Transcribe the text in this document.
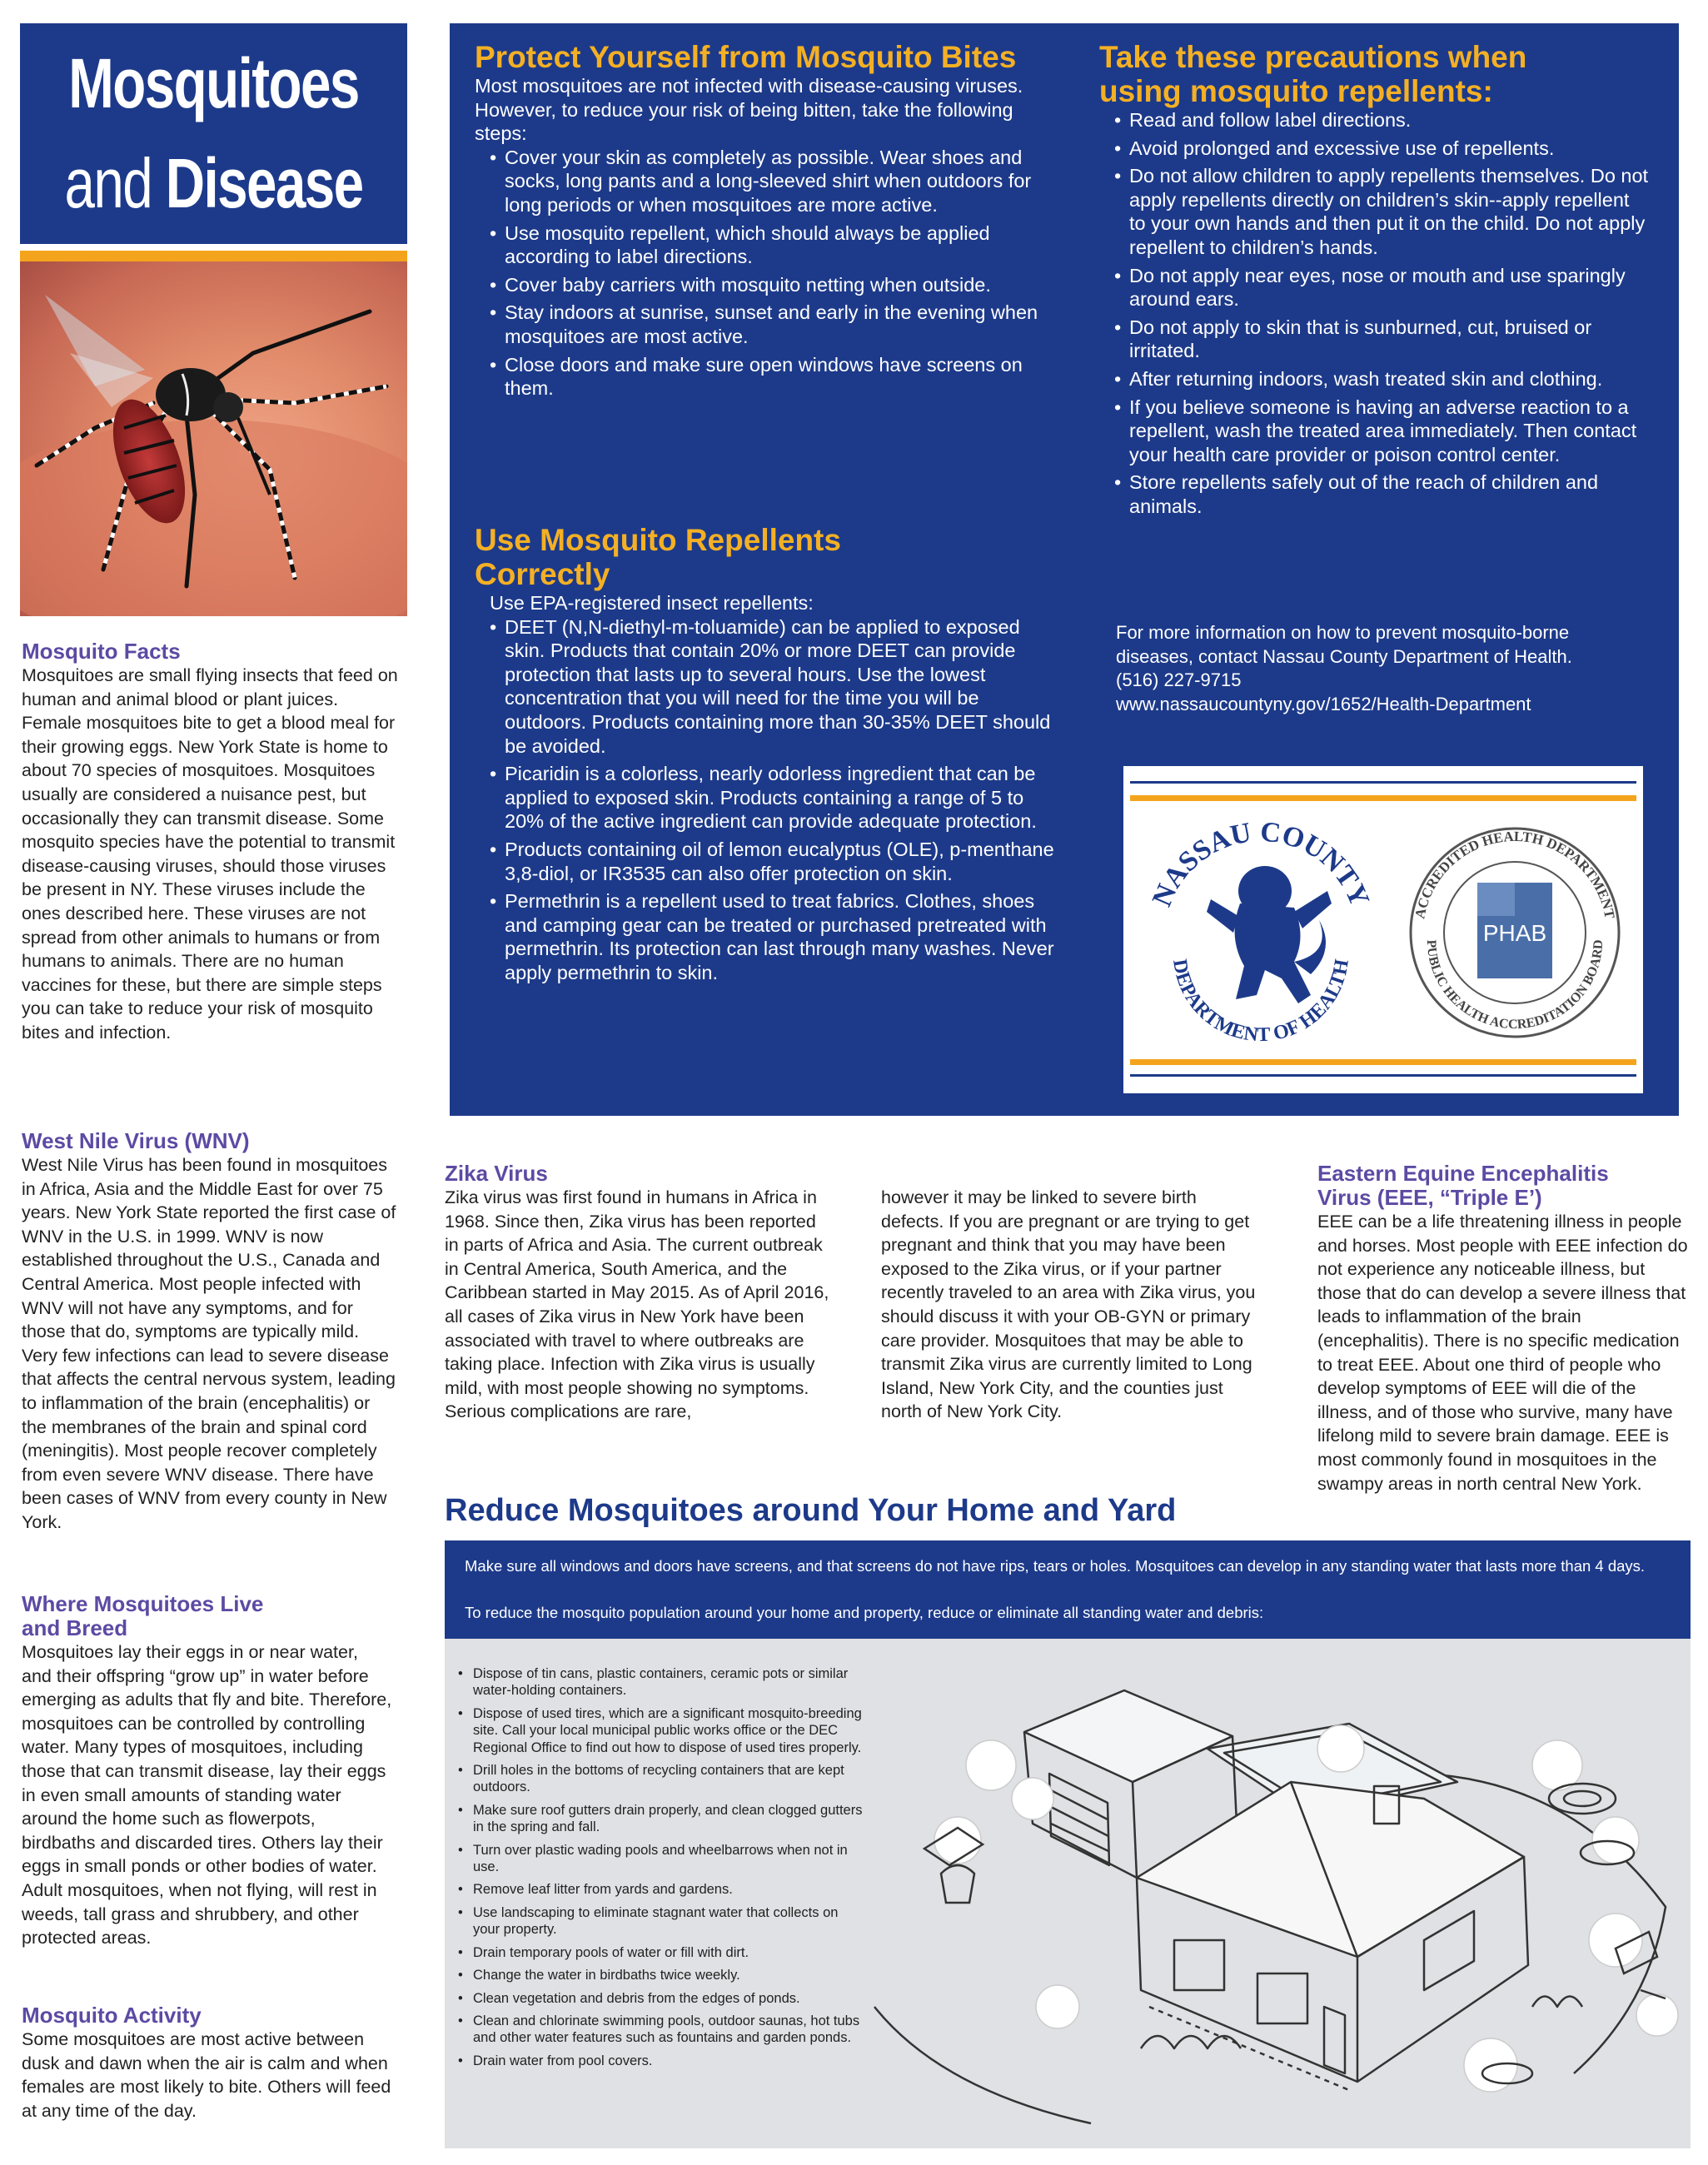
Mosquitoes
and Disease
Mosquito Facts

Mosquitoes are small flying insects that feed on human and animal blood or plant juices. Female mosquitoes bite to get a blood meal for their growing eggs. New York State is home to about 70 species of mosquitoes. Mosquitoes usually are considered a nuisance pest, but occasionally they can transmit disease. Some mosquito species have the potential to transmit disease-causing viruses, should those viruses be present in NY. These viruses include the ones described here. These viruses are not spread from other animals to humans or from humans to animals. There are no human vaccines for these, but there are simple steps you can take to reduce your risk of mosquito bites and infection.

West Nile Virus (WNV)

West Nile Virus has been found in mosquitoes in Africa, Asia and the Middle East for over 75 years. New York State reported the first case of WNV in the U.S. in 1999. WNV is now established throughout the U.S., Canada and Central America. Most people infected with WNV will not have any symptoms, and for those that do, symptoms are typically mild. Very few infections can lead to severe disease that affects the central nervous system, leading to inflammation of the brain (encephalitis) or the membranes of the brain and spinal cord (meningitis). Most people recover completely from even severe WNV disease. There have been cases of WNV from every county in New York.

Where Mosquitoes Live and Breed

Mosquitoes lay their eggs in or near water, and their offspring “grow up” in water before emerging as adults that fly and bite. Therefore, mosquitoes can be controlled by controlling water. Many types of mosquitoes, including those that can transmit disease, lay their eggs in even small amounts of standing water around the home such as flowerpots, birdbaths and discarded tires. Others lay their eggs in small ponds or other bodies of water. Adult mosquitoes, when not flying, will rest in weeds, tall grass and shrubbery, and other protected areas.

Mosquito Activity

Some mosquitoes are most active between dusk and dawn when the air is calm and when females are most likely to bite. Others will feed at any time of the day.

Protect Yourself from Mosquito Bites
Most mosquitoes are not infected with disease-causing viruses. However, to reduce your risk of being bitten, take the following steps:
• Cover your skin as completely as possible. Wear shoes and socks, long pants and a long-sleeved shirt when outdoors for long periods or when mosquitoes are more active.
• Use mosquito repellent, which should always be applied according to label directions.
• Cover baby carriers with mosquito netting when outside.
• Stay indoors at sunrise, sunset and early in the evening when mosquitoes are most active.
• Close doors and make sure open windows have screens on them.
Use Mosquito Repellents Correctly
Use EPA-registered insect repellents:
• DEET (N,N-diethyl-m-toluamide) can be applied to exposed skin. Products that contain 20% or more DEET can provide protection that lasts up to several hours. Use the lowest concentration that you will need for the time you will be outdoors. Products containing more than 30-35% DEET should be avoided.
• Picaridin is a colorless, nearly odorless ingredient that can be applied to exposed skin. Products containing a range of 5 to 20% of the active ingredient can provide adequate protection.
• Products containing oil of lemon eucalyptus (OLE), p-menthane 3,8-diol, or IR3535 can also offer protection on skin.
• Permethrin is a repellent used to treat fabrics. Clothes, shoes and camping gear can be treated or purchased pretreated with permethrin. Its protection can last through many washes. Never apply permethrin to skin.
Take these precautions when using mosquito repellents:
• Read and follow label directions.
• Avoid prolonged and excessive use of repellents.
• Do not allow children to apply repellents themselves. Do not apply repellents directly on children’s skin--apply repellent to your own hands and then put it on the child. Do not apply repellent to children’s hands.
• Do not apply near eyes, nose or mouth and use sparingly around ears.
• Do not apply to skin that is sunburned, cut, bruised or irritated.
• After returning indoors, wash treated skin and clothing.
• If you believe someone is having an adverse reaction to a repellent, wash the treated area immediately. Then contact your health care provider or poison control center.
• Store repellents safely out of the reach of children and animals.
For more information on how to prevent mosquito-borne diseases, contact Nassau County Department of Health.
(516) 227-9715
www.nassaucountyny.gov/1652/Health-Department
NASSAU COUNTY
DEPARTMENT OF HEALTH
ACCREDITED HEALTH DEPARTMENT
PUBLIC HEALTH ACCREDITATION BOARD
PHAB
Zika Virus

Zika virus was first found in humans in Africa in 1968. Since then, Zika virus has been reported in parts of Africa and Asia. The current outbreak in Central America, South America, and the Caribbean started in May 2015. As of April 2016, all cases of Zika virus in New York have been associated with travel to where outbreaks are taking place. Infection with Zika virus is usually mild, with most people showing no symptoms. Serious complications are rare,

however it may be linked to severe birth defects. If you are pregnant or are trying to get pregnant and think that you may have been exposed to the Zika virus, or if your partner recently traveled to an area with Zika virus, you should discuss it with your OB-GYN or primary care provider. Mosquitoes that may be able to transmit Zika virus are currently limited to Long Island, New York City, and the counties just north of New York City.

Eastern Equine Encephalitis Virus (EEE, “Triple E’)

EEE can be a life threatening illness in people and horses. Most people with EEE infection do not experience any noticeable illness, but those that do can develop a severe illness that leads to inflammation of the brain (encephalitis). There is no specific medication to treat EEE. About one third of people who develop symptoms of EEE will die of the illness, and of those who survive, many have lifelong mild to severe brain damage. EEE is most commonly found in mosquitoes in the swampy areas in north central New York.

Reduce Mosquitoes around Your Home and Yard
Make sure all windows and doors have screens, and that screens do not have rips, tears or holes. Mosquitoes can develop in any standing water that lasts more than 4 days.
To reduce the mosquito population around your home and property, reduce or eliminate all standing water and debris:
• Dispose of tin cans, plastic containers, ceramic pots or similar water-holding containers.
• Dispose of used tires, which are a significant mosquito-breeding site. Call your local municipal public works office or the DEC Regional Office to find out how to dispose of used tires properly.
• Drill holes in the bottoms of recycling containers that are kept outdoors.
• Make sure roof gutters drain properly, and clean clogged gutters in the spring and fall.
• Turn over plastic wading pools and wheelbarrows when not in use.
• Remove leaf litter from yards and gardens.
• Use landscaping to eliminate stagnant water that collects on your property.
• Drain temporary pools of water or fill with dirt.
• Change the water in birdbaths twice weekly.
• Clean vegetation and debris from the edges of ponds.
• Clean and chlorinate swimming pools, outdoor saunas, hot tubs and other water features such as fountains and garden ponds.
• Drain water from pool covers.
